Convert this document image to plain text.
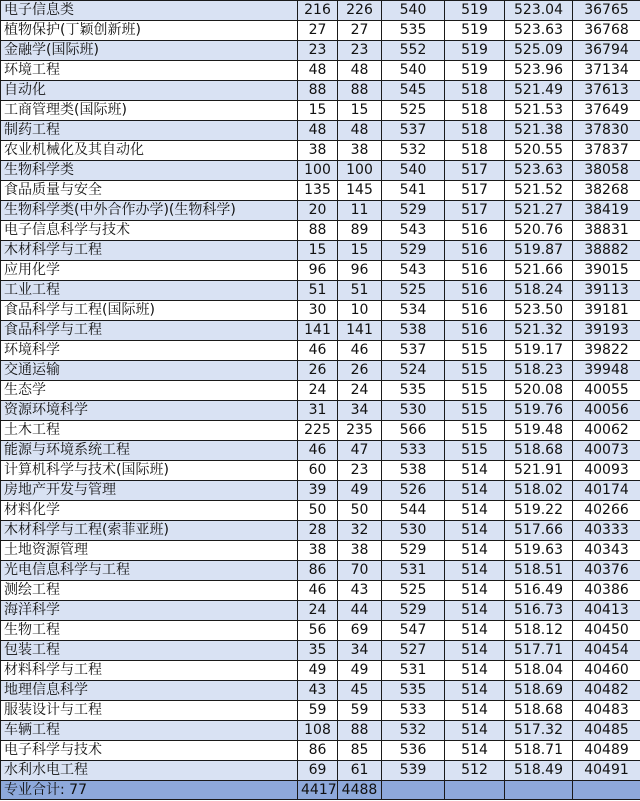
电子信息类	216	226	540	519	523.04	36765
植物保护(丁颖创新班)	27	27	535	519	523.63	36768
金融学(国际班)	23	23	552	519	525.09	36794
环境工程	48	48	540	519	523.96	37134
自动化	88	88	545	518	521.49	37613
工商管理类(国际班)	15	15	525	518	521.53	37649
制药工程	48	48	537	518	521.38	37830
农业机械化及其自动化	38	38	532	518	520.55	37837
生物科学类	100	100	540	517	523.63	38058
食品质量与安全	135	145	541	517	521.52	38268
生物科学类(中外合作办学)(生物科学)	20	11	529	517	521.27	38419
电子信息科学与技术	88	89	543	516	520.76	38831
木材科学与工程	15	15	529	516	519.87	38882
应用化学	96	96	543	516	521.66	39015
工业工程	51	51	525	516	518.24	39113
食品科学与工程(国际班)	30	10	534	516	523.50	39181
食品科学与工程	141	141	538	516	521.32	39193
环境科学	46	46	537	515	519.17	39822
交通运输	26	26	524	515	518.23	39948
生态学	24	24	535	515	520.08	40055
资源环境科学	31	34	530	515	519.76	40056
土木工程	225	235	566	515	519.48	40062
能源与环境系统工程	46	47	533	515	518.68	40073
计算机科学与技术(国际班)	60	23	538	514	521.91	40093
房地产开发与管理	39	49	526	514	518.02	40174
材料化学	50	50	544	514	519.22	40266
木材科学与工程(索菲亚班)	28	32	530	514	517.66	40333
土地资源管理	38	38	529	514	519.63	40343
光电信息科学与工程	86	70	531	514	518.51	40376
测绘工程	46	43	525	514	516.49	40386
海洋科学	24	44	529	514	516.73	40413
生物工程	56	69	547	514	518.12	40450
包装工程	35	34	527	514	517.71	40454
材料科学与工程	49	49	531	514	518.04	40460
地理信息科学	43	45	535	514	518.69	40482
服装设计与工程	59	59	533	514	518.68	40483
车辆工程	108	88	532	514	517.32	40485
电子科学与技术	86	85	536	514	518.71	40489
水利水电工程	69	61	539	512	518.49	40491
专业合计: 77	4417	4488				
